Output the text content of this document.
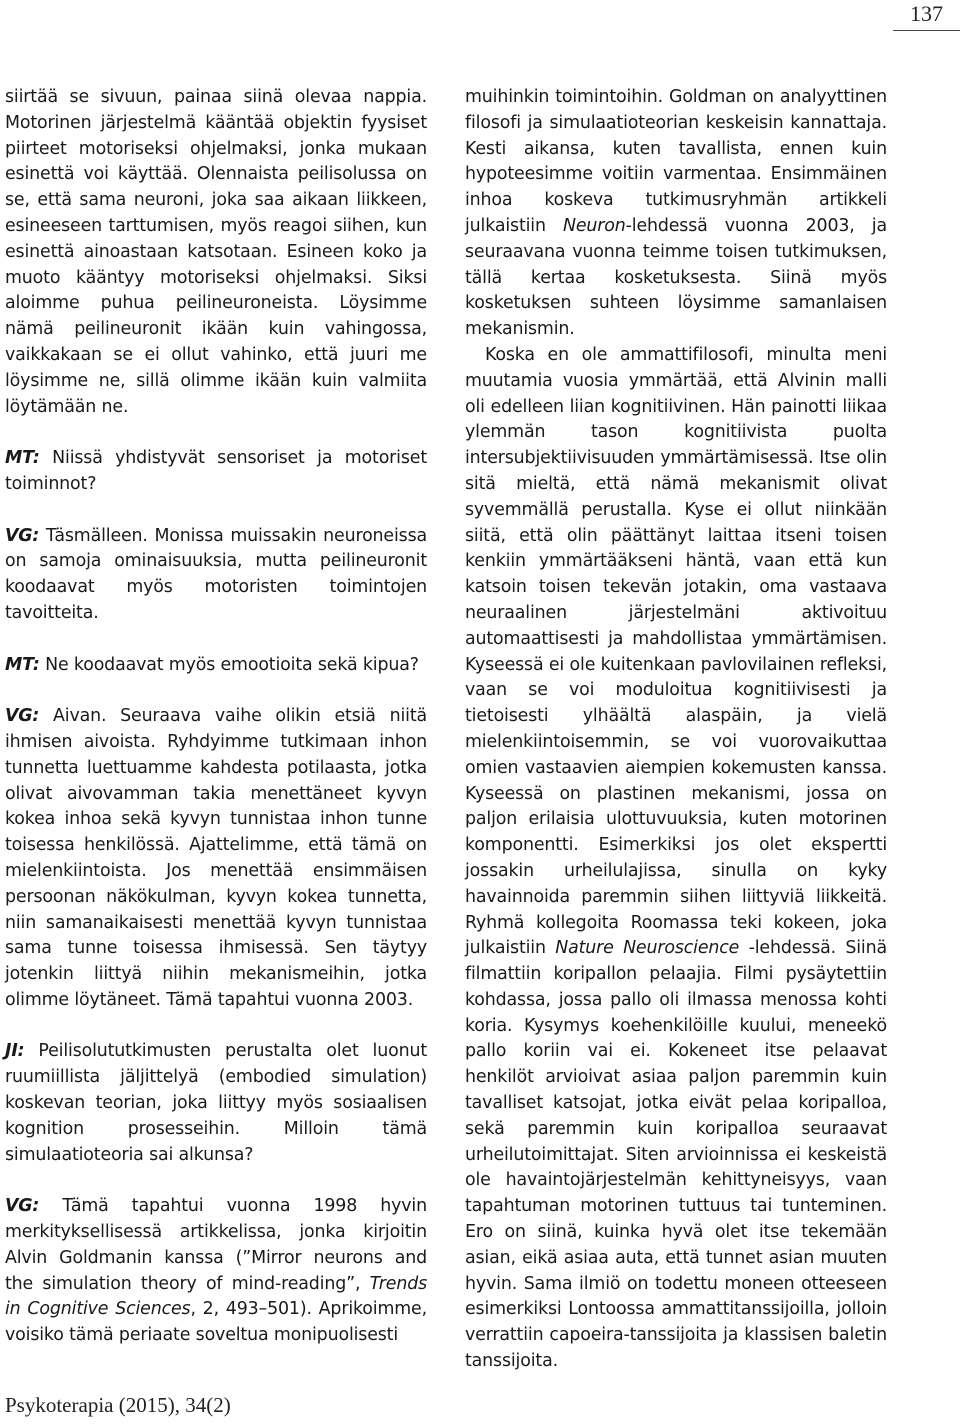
137

siirtää se sivuun, painaa siinä olevaa nappia. Motorinen järjestelmä kääntää objektin fyysiset piirteet motoriseksi ohjelmaksi, jonka mukaan esinettä voi käyttää. Olennaista peilisolussa on se, että sama neuroni, joka saa aikaan liikkeen, esineeseen tarttumisen, myös reagoi siihen, kun esinettä ainoastaan katsotaan. Esineen koko ja muoto kääntyy motoriseksi ohjelmaksi. Siksi aloimme puhua peilineuroneista. Löysimme nämä peilineuronit ikään kuin vahingossa, vaikkakaan se ei ollut vahinko, että juuri me löysimme ne, sillä olimme ikään kuin valmiita löytämään ne.

MT: Niissä yhdistyvät sensoriset ja motoriset toiminnot?

VG: Täsmälleen. Monissa muissakin neuroneissa on samoja ominaisuuksia, mutta peilineuronit koodaavat myös motoristen toimintojen tavoitteita.

MT: Ne koodaavat myös emootioita sekä kipua?

VG: Aivan. Seuraava vaihe olikin etsiä niitä ihmisen aivoista. Ryhdyimme tutkimaan inhon tunnetta luettuamme kahdesta potilaasta, jotka olivat aivovamman takia menettäneet kyvyn kokea inhoa sekä kyvyn tunnistaa inhon tunne toisessa henkilössä. Ajattelimme, että tämä on mielenkiintoista. Jos menettää ensimmäisen persoonan näkökulman, kyvyn kokea tunnetta, niin samanaikaisesti menettää kyvyn tunnistaa sama tunne toisessa ihmisessä. Sen täytyy jotenkin liittyä niihin mekanismeihin, jotka olimme löytäneet. Tämä tapahtui vuonna 2003.

JI: Peilisolututkimusten perustalta olet luonut ruumiillista jäljittelyä (embodied simulation) koskevan teorian, joka liittyy myös sosiaalisen kognition prosesseihin. Milloin tämä simulaatioteoria sai alkunsa?

VG: Tämä tapahtui vuonna 1998 hyvin merkityksellisessä artikkelissa, jonka kirjoitin Alvin Goldmanin kanssa (”Mirror neurons and the simulation theory of mind-reading”, Trends in Cognitive Sciences, 2, 493–501). Aprikoimme, voisiko tämä periaate soveltua monipuolisesti

muihinkin toimintoihin. Goldman on analyyttinen filosofi ja simulaatioteorian keskeisin kannattaja. Kesti aikansa, kuten tavallista, ennen kuin hypoteesimme voitiin varmentaa. Ensimmäinen inhoa koskeva tutkimusryhmän artikkeli julkaistiin Neuron-lehdessä vuonna 2003, ja seuraavana vuonna teimme toisen tutkimuksen, tällä kertaa kosketuksesta. Siinä myös kosketuksen suhteen löysimme samanlaisen mekanismin.

Koska en ole ammattifilosofi, minulta meni muutamia vuosia ymmärtää, että Alvinin malli oli edelleen liian kognitiivinen. Hän painotti liikaa ylemmän tason kognitiivista puolta intersubjektiivisuuden ymmärtämisessä. Itse olin sitä mieltä, että nämä mekanismit olivat syvemmällä perustalla. Kyse ei ollut niinkään siitä, että olin päättänyt laittaa itseni toisen kenkiin ymmärtääkseni häntä, vaan että kun katsoin toisen tekevän jotakin, oma vastaava neuraalinen järjestelmäni aktivoituu automaattisesti ja mahdollistaa ymmärtämisen. Kyseessä ei ole kuitenkaan pavlovilainen refleksi, vaan se voi moduloitua kognitiivisesti ja tietoisesti ylhäältä alaspäin, ja vielä mielenkiintoisemmin, se voi vuorovaikuttaa omien vastaavien aiempien kokemusten kanssa. Kyseessä on plastinen mekanismi, jossa on paljon erilaisia ulottuvuuksia, kuten motorinen komponentti. Esimerkiksi jos olet ekspertti jossakin urheilulajissa, sinulla on kyky havainnoida paremmin siihen liittyviä liikkeitä. Ryhmä kollegoita Roomassa teki kokeen, joka julkaistiin Nature Neuroscience -lehdessä. Siinä filmattiin koripallon pelaajia. Filmi pysäytettiin kohdassa, jossa pallo oli ilmassa menossa kohti koria. Kysymys koehenkilöille kuului, meneekö pallo koriin vai ei. Kokeneet itse pelaavat henkilöt arvioivat asiaa paljon paremmin kuin tavalliset katsojat, jotka eivät pelaa koripalloa, sekä paremmin kuin koripalloa seuraavat urheilutoimittajat. Siten arvioinnissa ei keskeistä ole havaintojärjestelmän kehittyneisyys, vaan tapahtuman motorinen tuttuus tai tunteminen. Ero on siinä, kuinka hyvä olet itse tekemään asian, eikä asiaa auta, että tunnet asian muuten hyvin. Sama ilmiö on todettu moneen otteeseen esimerkiksi Lontoossa ammattitanssijoilla, jolloin verrattiin capoeira-tanssijoita ja klassisen baletin tanssijoita.

Psykoterapia (2015), 34(2)
